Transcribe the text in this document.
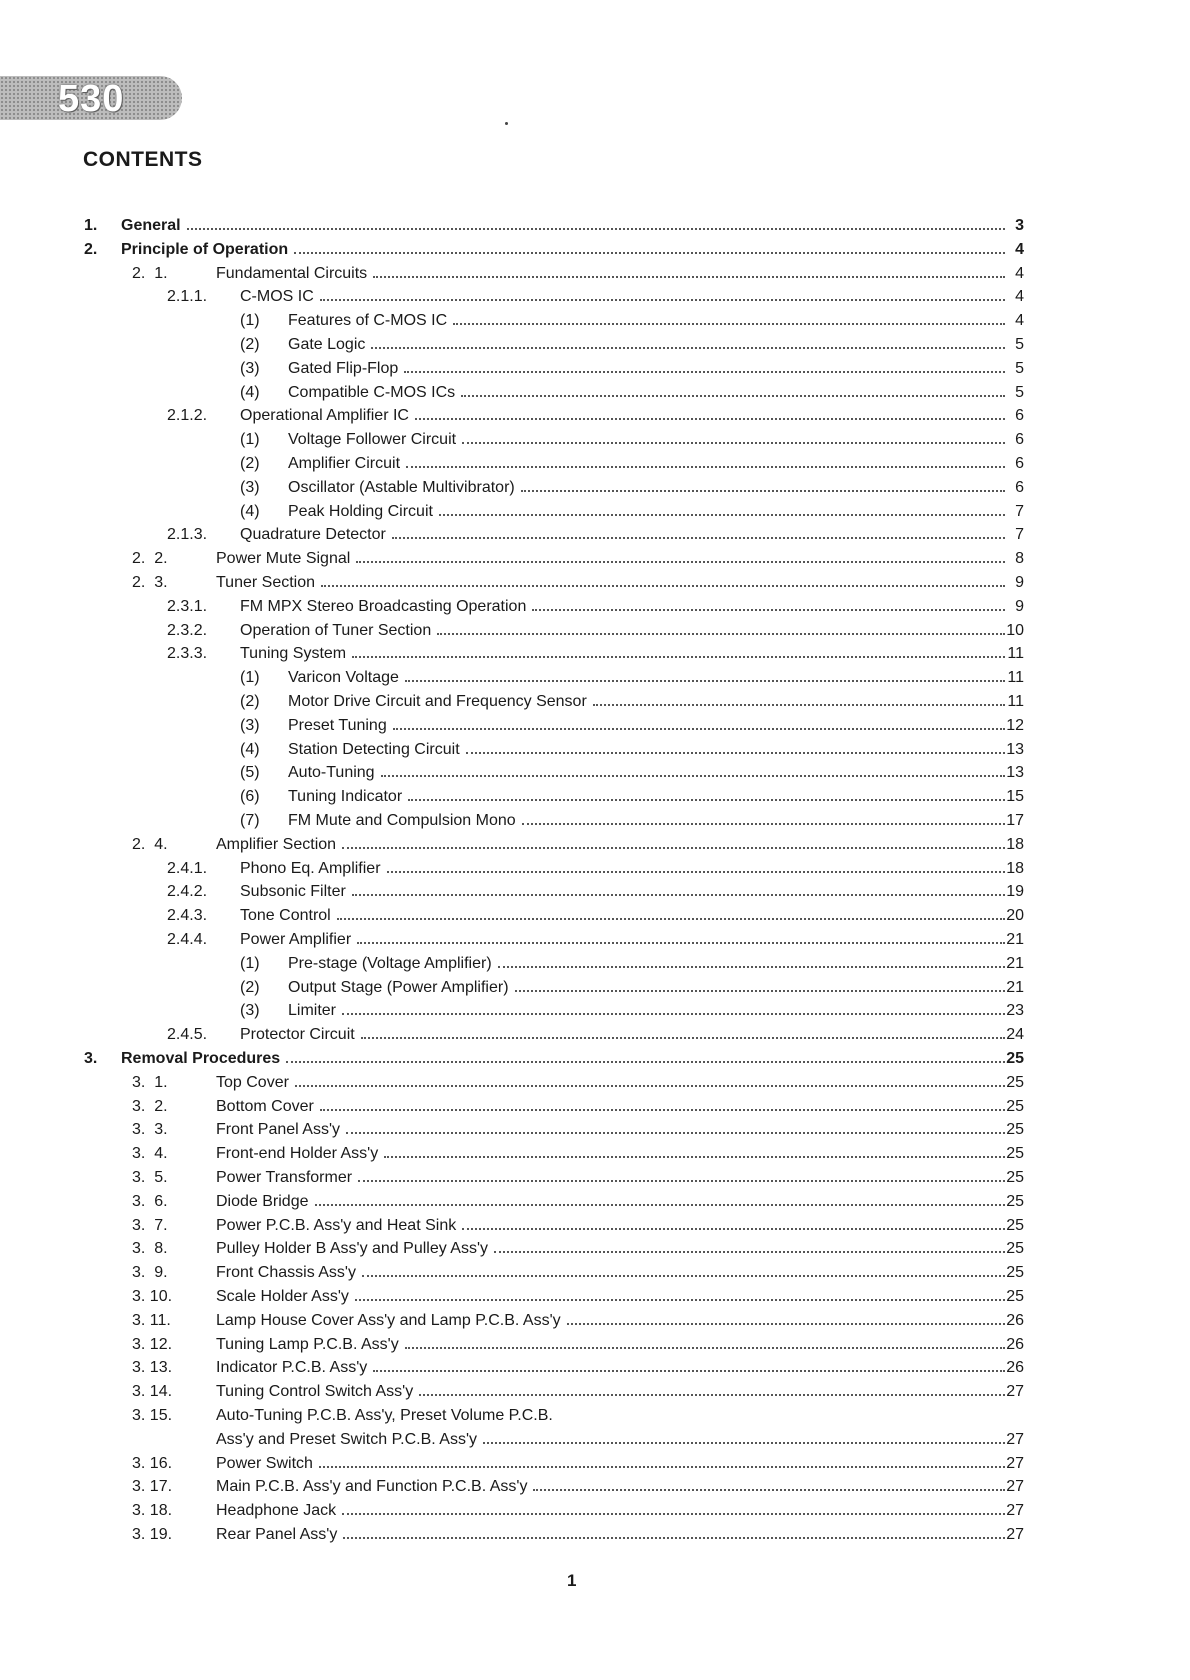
530
CONTENTS
1. General	3
2. Principle of Operation	4
2.  1.	Fundamental Circuits	4
2.1.1. C-MOS IC	4
(1) Features of C-MOS IC	4
(2) Gate Logic	5
(3) Gated Flip-Flop	5
(4) Compatible C-MOS ICs	5
2.1.2. Operational Amplifier IC	6
(1) Voltage Follower Circuit	6
(2) Amplifier Circuit	6
(3) Oscillator (Astable Multivibrator)	6
(4) Peak Holding Circuit	7
2.1.3. Quadrature Detector	7
2.  2.	Power Mute Signal	8
2.  3.	Tuner Section	9
2.3.1. FM MPX Stereo Broadcasting Operation	9
2.3.2. Operation of Tuner Section	10
2.3.3. Tuning System	11
(1) Varicon Voltage	11
(2) Motor Drive Circuit and Frequency Sensor	11
(3) Preset Tuning	12
(4) Station Detecting Circuit	13
(5) Auto-Tuning	13
(6) Tuning Indicator	15
(7) FM Mute and Compulsion Mono	17
2.  4.	Amplifier Section	18
2.4.1. Phono Eq. Amplifier	18
2.4.2. Subsonic Filter	19
2.4.3. Tone Control	20
2.4.4. Power Amplifier	21
(1) Pre-stage (Voltage Amplifier)	21
(2) Output Stage (Power Amplifier)	21
(3) Limiter	23
2.4.5. Protector Circuit	24
3. Removal Procedures	25
3.  1.	Top Cover	25
3.  2.	Bottom Cover	25
3.  3.	Front Panel Ass'y	25
3.  4.	Front-end Holder Ass'y	25
3.  5.	Power Transformer	25
3.  6.	Diode Bridge	25
3.  7.	Power P.C.B. Ass'y and Heat Sink	25
3.  8.	Pulley Holder B Ass'y and Pulley Ass'y	25
3.  9.	Front Chassis Ass'y	25
3. 10.	Scale Holder Ass'y	25
3. 11.	Lamp House Cover Ass'y and Lamp P.C.B. Ass'y	26
3. 12.	Tuning Lamp P.C.B. Ass'y	26
3. 13.	Indicator P.C.B. Ass'y	26
3. 14.	Tuning Control Switch Ass'y	27
3. 15.	Auto-Tuning P.C.B. Ass'y, Preset Volume P.C.B.
Ass'y and Preset Switch P.C.B. Ass'y	27
3. 16.	Power Switch	27
3. 17.	Main P.C.B. Ass'y and Function P.C.B. Ass'y	27
3. 18.	Headphone Jack	27
3. 19.	Rear Panel Ass'y	27
1
